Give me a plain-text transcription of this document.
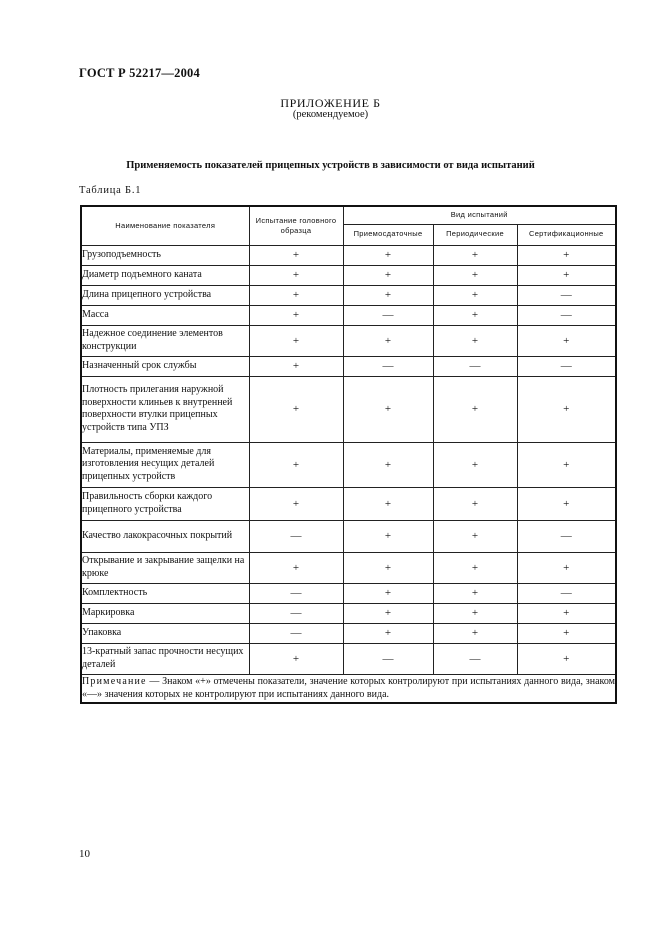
ГОСТ Р 52217—2004
ПРИЛОЖЕНИЕ Б
(рекомендуемое)
Применяемость показателей прицепных устройств в зависимости от вида испытаний
Таблица Б.1
Наименование показателя	Испытание головного образца	Вид испытаний		
		Приемосдаточные	Периодические	Сертификационные
Грузоподъемность	+	+	+	+
Диаметр подъемного каната	+	+	+	+
Длина прицепного устройства	+	+	+	—
Масса	+	—	+	—
Надежное соединение элементов конструкции	+	+	+	+
Назначенный срок службы	+	—	—	—
Плотность прилегания наружной поверхности клиньев к внутренней поверхности втулки прицепных устройств типа УПЗ	+	+	+	+
Материалы, применяемые для изготовления несущих деталей прицепных устройств	+	+	+	+
Правильность сборки каждого прицепного устройства	+	+	+	+
Качество лакокрасочных покрытий	—	+	+	—
Открывание и закрывание защелки на крюке	+	+	+	+
Комплектность	—	+	+	—
Маркировка	—	+	+	+
Упаковка	—	+	+	+
13-кратный запас прочности несущих деталей	+	—	—	+
Примечание — Знаком «+» отмечены показатели, значение которых контролируют при испытаниях данного вида, знаком «—» значения которых не контролируют при испытаниях данного вида.				
10
